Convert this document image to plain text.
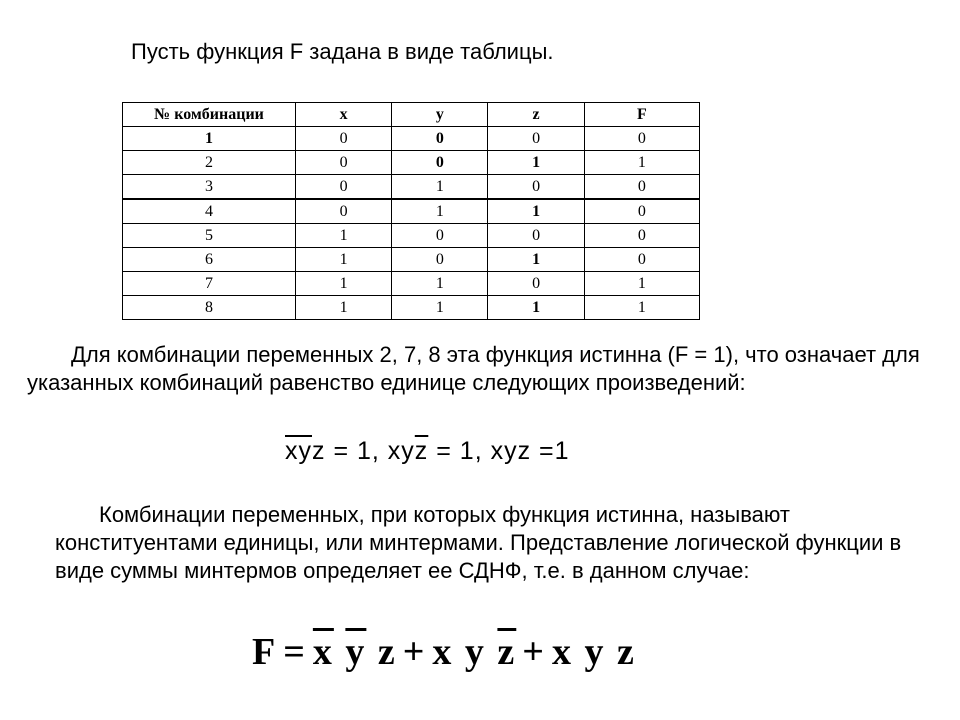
Пусть функция F задана в виде таблицы.
№ комбинации	x	y	z	F
1	0	0	0	0
2	0	0	1	1
3	0	1	0	0
4	0	1	1	0
5	1	0	0	0
6	1	0	1	0
7	1	1	0	1
8	1	1	1	1
Для комбинации переменных 2, 7, 8 эта функция истинна (F = 1), что означает для указанных комбинаций равенство единице следующих произведений:
$\overline{x}\overline{y}z = 1$, $xy\overline{z} = 1$, xyz =1
Комбинации переменных, при которых функция истинна, называют конституентами единицы, или минтермами. Представление логической функции в виде суммы минтермов определяет ее СДНФ, т.е. в данном случае:
$F = \overline{x}$ $\overline{y}$ z + x y $\overline{z} + x$ y z
